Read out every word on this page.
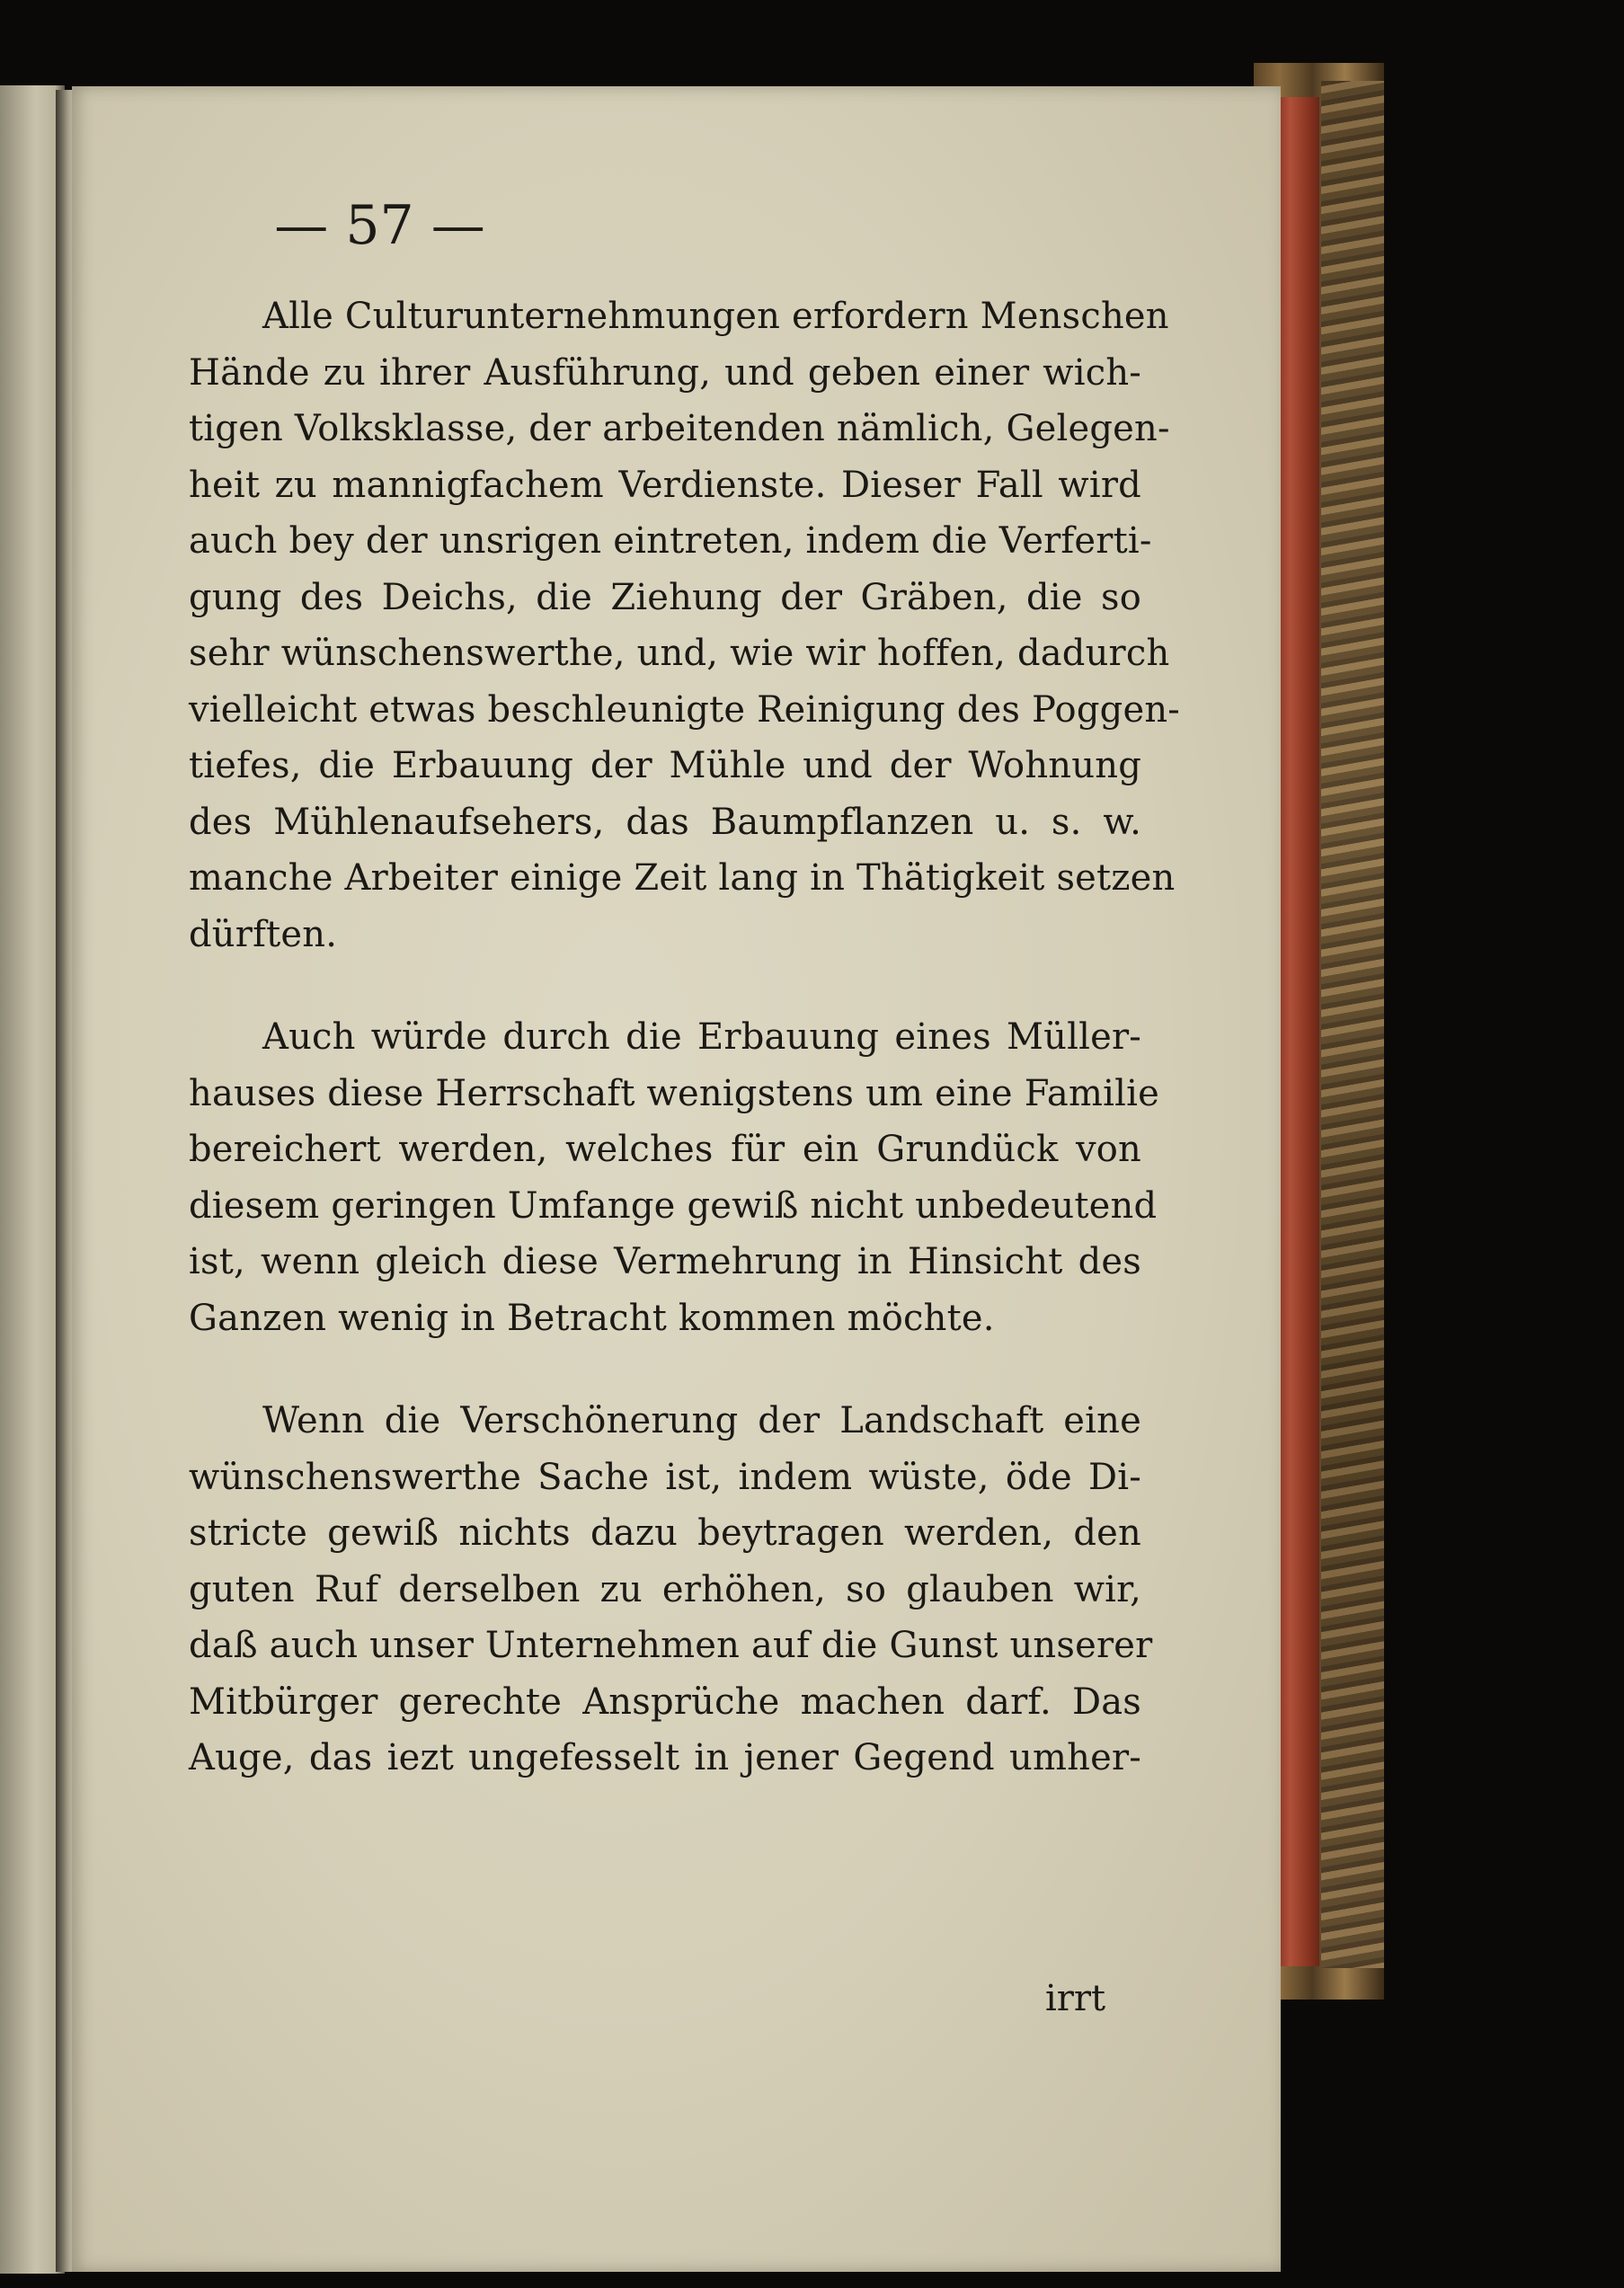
— 57 —
Alle Culturunternehmungen erfordern Menschen
Hände zu ihrer Ausführung, und geben einer wich-
tigen Volksklasse, der arbeitenden nämlich, Gelegen-
heit zu mannigfachem Verdienste. Dieser Fall wird
auch bey der unsrigen eintreten, indem die Verferti-
gung des Deichs, die Ziehung der Gräben, die so
sehr wünschenswerthe, und, wie wir hoffen, dadurch
vielleicht etwas beschleunigte Reinigung des Poggen-
tiefes, die Erbauung der Mühle und der Wohnung
des Mühlenaufsehers, das Baumpflanzen u. s. w.
manche Arbeiter einige Zeit lang in Thätigkeit setzen
dürften.
Auch würde durch die Erbauung eines Müller-
hauses diese Herrschaft wenigstens um eine Familie
bereichert werden, welches für ein Grundück von
diesem geringen Umfange gewiß nicht unbedeutend
ist, wenn gleich diese Vermehrung in Hinsicht des
Ganzen wenig in Betracht kommen möchte.
Wenn die Verschönerung der Landschaft eine
wünschenswerthe Sache ist, indem wüste, öde Di-
stricte gewiß nichts dazu beytragen werden, den
guten Ruf derselben zu erhöhen, so glauben wir,
daß auch unser Unternehmen auf die Gunst unserer
Mitbürger gerechte Ansprüche machen darf. Das
Auge, das iezt ungefesselt in jener Gegend umher-
irrt
